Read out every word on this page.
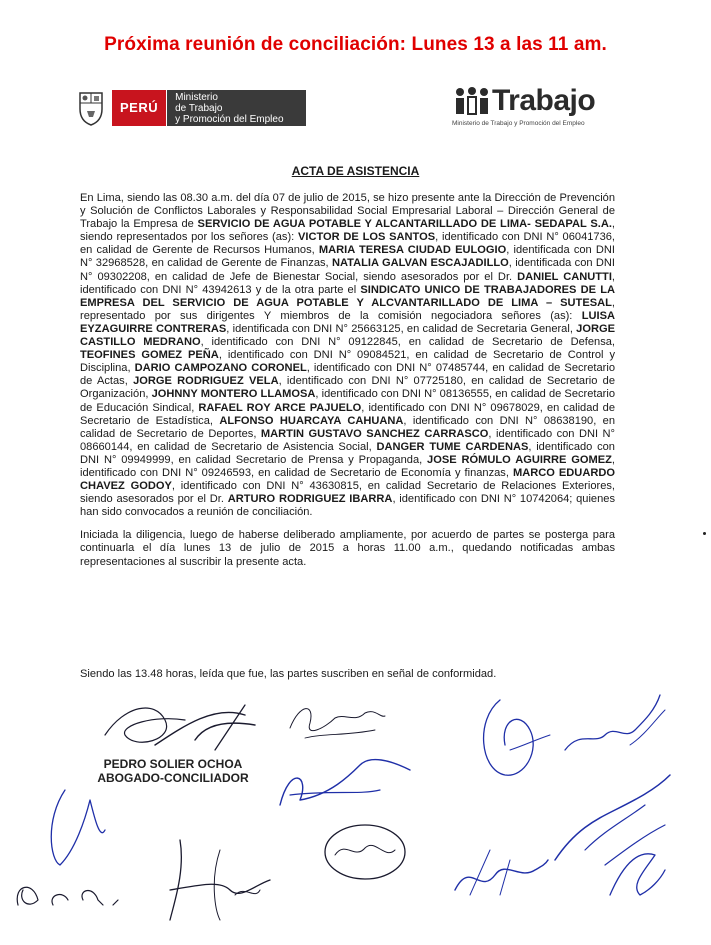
Próxima reunión de conciliación: Lunes 13 a las 11 am.
PERÚ
Ministerio
de Trabajo
y Promoción del Empleo
Trabajo
Ministerio de Trabajo y Promoción del Empleo
ACTA DE ASISTENCIA

En Lima, siendo las 08.30 a.m. del día 07 de julio de 2015, se hizo presente ante la Dirección de Prevención y Solución de Conflictos Laborales y Responsabilidad Social Empresarial Laboral – Dirección General de Trabajo la Empresa de SERVICIO DE AGUA POTABLE Y ALCANTARILLADO DE LIMA- SEDAPAL S.A., siendo representados por los señores (as): VICTOR DE LOS SANTOS, identificado con DNI N° 06041736, en calidad de Gerente de Recursos Humanos, MARIA TERESA CIUDAD EULOGIO, identificada con DNI N° 32968528, en calidad de Gerente de Finanzas, NATALIA GALVAN ESCAJADILLO, identificada con DNI N° 09302208, en calidad de Jefe de Bienestar Social, siendo asesorados por el Dr. DANIEL CANUTTI, identificado con DNI N° 43942613 y de la otra parte el SINDICATO UNICO DE TRABAJADORES DE LA EMPRESA DEL SERVICIO DE AGUA POTABLE Y ALCVANTARILLADO DE LIMA – SUTESAL, representado por sus dirigentes Y miembros de la comisión negociadora señores (as): LUISA EYZAGUIRRE CONTRERAS, identificada con DNI N° 25663125, en calidad de Secretaria General, JORGE CASTILLO MEDRANO, identificado con DNI N° 09122845, en calidad de Secretario de Defensa, TEOFINES GOMEZ PEÑA, identificado con DNI N° 09084521, en calidad de Secretario de Control y Disciplina, DARIO CAMPOZANO CORONEL, identificado con DNI N° 07485744, en calidad de Secretario de Actas, JORGE RODRIGUEZ VELA, identificado con DNI N° 07725180, en calidad de Secretario de Organización, JOHNNY MONTERO LLAMOSA, identificado con DNI N° 08136555, en calidad de Secretario de Educación Sindical, RAFAEL ROY ARCE PAJUELO, identificado con DNI N° 09678029, en calidad de Secretario de Estadística, ALFONSO HUARCAYA CAHUANA, identificado con DNI N° 08638190, en calidad de Secretario de Deportes, MARTIN GUSTAVO SANCHEZ CARRASCO, identificado con DNI N° 08660144, en calidad de Secretario de Asistencia Social, DANGER TUME CARDENAS, identificado con DNI N° 09949999, en calidad Secretario de Prensa y Propaganda, JOSE RÓMULO AGUIRRE GOMEZ, identificado con DNI N° 09246593, en calidad de Secretario de Economía y finanzas, MARCO EDUARDO CHAVEZ GODOY, identificado con DNI N° 43630815, en calidad Secretario de Relaciones Exteriores, siendo asesorados por el Dr. ARTURO RODRIGUEZ IBARRA, identificado con DNI N° 10742064; quienes han sido convocados a reunión de conciliación.

Iniciada la diligencia, luego de haberse deliberado ampliamente, por acuerdo de partes se posterga para continuarla el día lunes 13 de julio de 2015 a horas 11.00 a.m., quedando notificadas ambas representaciones al suscribir la presente acta.

Siendo las 13.48 horas, leída que fue, las partes suscriben en señal de conformidad.
PEDRO SOLIER OCHOA
ABOGADO-CONCILIADOR
